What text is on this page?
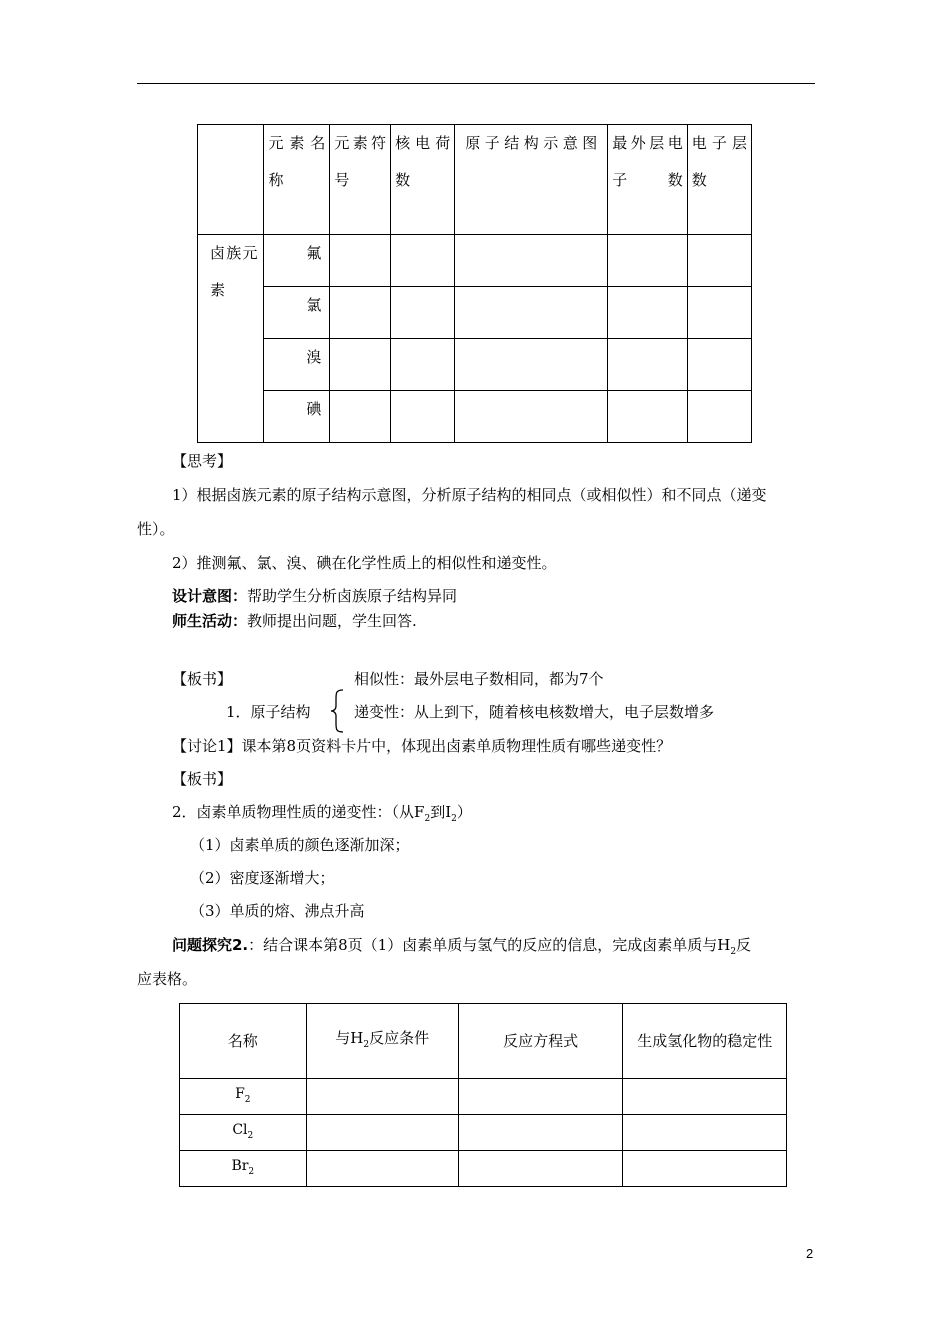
	元素名称	元素符号	核电荷数	原子结构示意图	最外层电子数	电子层数
卤族元素	氟					
	氯					
	溴					
	碘					
【思考】
1）根据卤族元素的原子结构示意图，分析原子结构的相同点（或相似性）和不同点（递变
性）。
2）推测氟、氯、溴、碘在化学性质上的相似性和递变性。
设计意图：帮助学生分析卤族原子结构异同
师生活动：教师提出问题，学生回答.
【板书】	相似性：最外层电子数相同，都为7个
1．原子结构	递变性：从上到下，随着核电核数增大，电子层数增多
【讨论1】课本第8页资料卡片中，体现出卤素单质物理性质有哪些递变性？
【板书】
2．卤素单质物理性质的递变性：（从$F_2$到$I_2$）
（1）卤素单质的颜色逐渐加深；
（2）密度逐渐增大；
（3）单质的熔、沸点升高
问题探究2.：结合课本第8页（1）卤素单质与氢气的反应的信息，完成卤素单质与$H_2$反
应表格。
名称	与$H_2$反应条件	反应方程式	生成氢化物的稳定性
$F_2$			
$Cl_2$			
$Br_2$			
2
